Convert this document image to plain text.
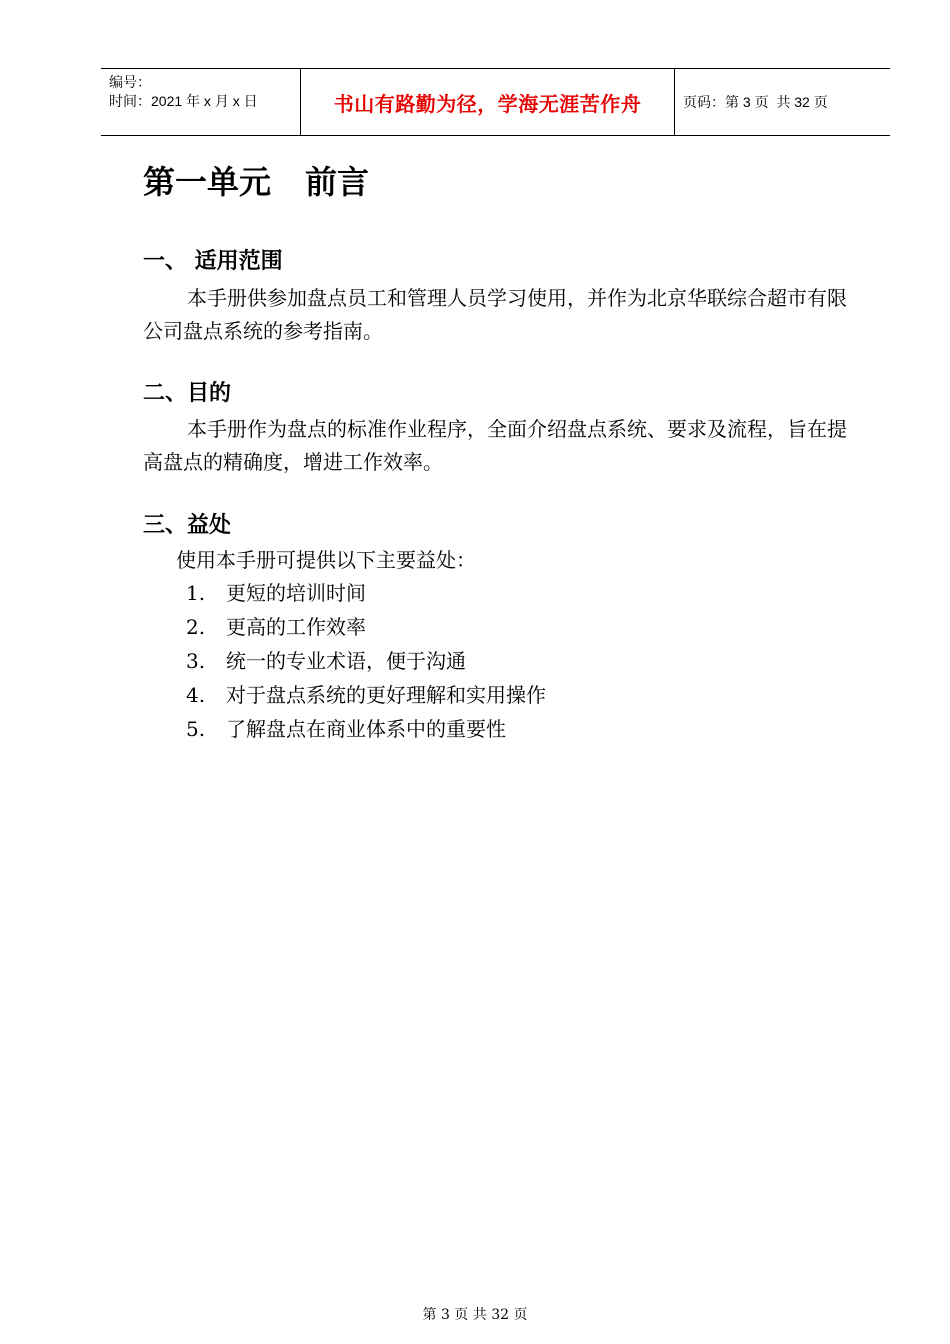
编号：
时间：2021 年 x 月 x 日	书山有路勤为径，学海无涯苦作舟	页码：第 3 页  共 32 页
第一单元 前言
一、 适用范围

本手册供参加盘点员工和管理人员学习使用，并作为北京华联综合超市有限公司盘点系统的参考指南。

二、目的

本手册作为盘点的标准作业程序，全面介绍盘点系统、要求及流程，旨在提高盘点的精确度，增进工作效率。

三、益处

使用本手册可提供以下主要益处：

1. 更短的培训时间
2. 更高的工作效率
3. 统一的专业术语，便于沟通
4. 对于盘点系统的更好理解和实用操作
5. 了解盘点在商业体系中的重要性
第 3 页 共 32 页
